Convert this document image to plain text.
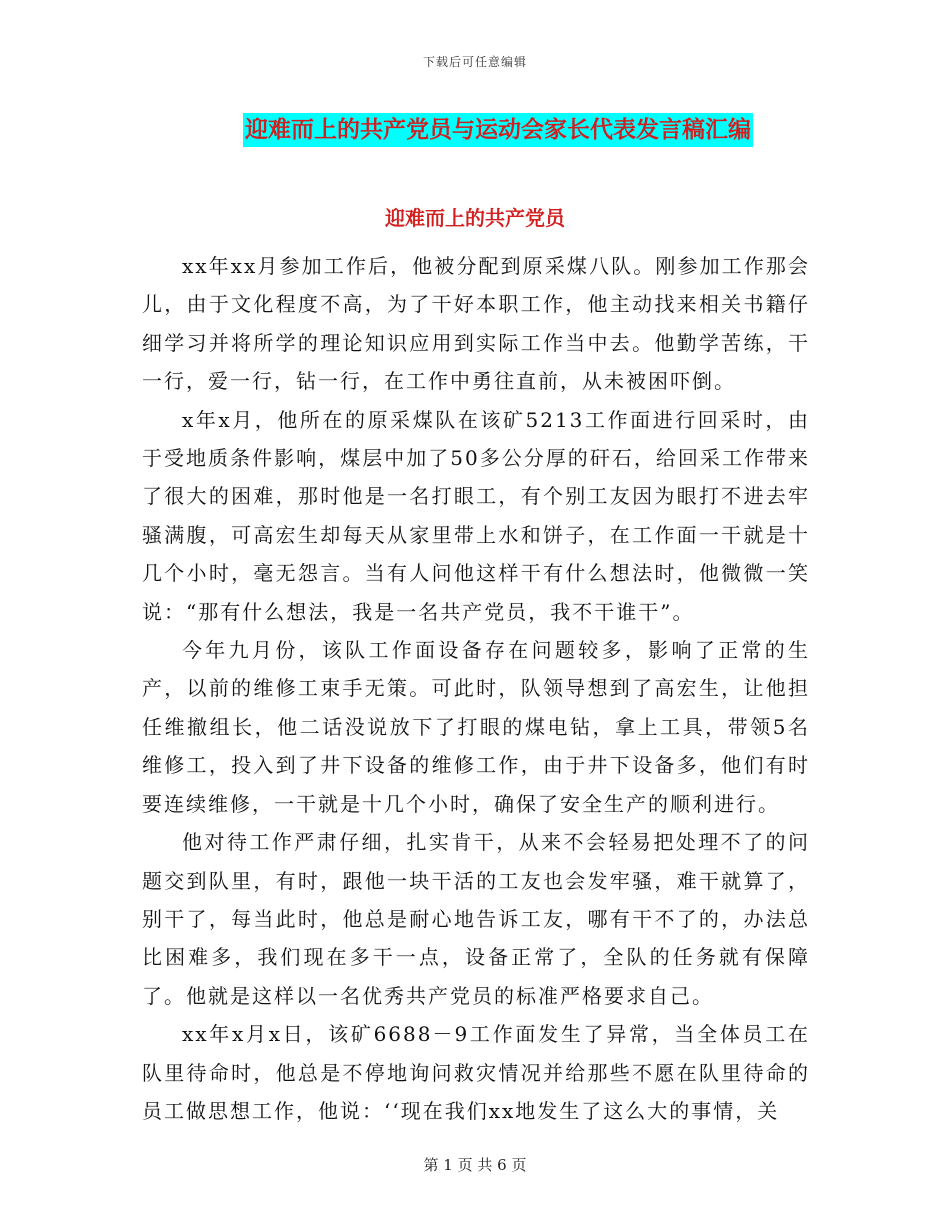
下载后可任意编辑
迎难而上的共产党员与运动会家长代表发言稿汇编
迎难而上的共产党员

xx年xx月参加工作后，他被分配到原采煤八队。刚参加工作那会儿，由于文化程度不高，为了干好本职工作，他主动找来相关书籍仔细学习并将所学的理论知识应用到实际工作当中去。他勤学苦练，干一行，爱一行，钻一行，在工作中勇往直前，从未被困吓倒。

x年x月，他所在的原采煤队在该矿5213工作面进行回采时，由于受地质条件影响，煤层中加了50多公分厚的矸石，给回采工作带来了很大的困难，那时他是一名打眼工，有个别工友因为眼打不进去牢骚满腹，可高宏生却每天从家里带上水和饼子，在工作面一干就是十几个小时，毫无怨言。当有人问他这样干有什么想法时，他微微一笑说：“那有什么想法，我是一名共产党员，我不干谁干”。

今年九月份，该队工作面设备存在问题较多，影响了正常的生产，以前的维修工束手无策。可此时，队领导想到了高宏生，让他担任维撤组长，他二话没说放下了打眼的煤电钻，拿上工具，带领5名维修工，投入到了井下设备的维修工作，由于井下设备多，他们有时要连续维修，一干就是十几个小时，确保了安全生产的顺利进行。

他对待工作严肃仔细，扎实肯干，从来不会轻易把处理不了的问题交到队里，有时，跟他一块干活的工友也会发牢骚，难干就算了，别干了，每当此时，他总是耐心地告诉工友，哪有干不了的，办法总比困难多，我们现在多干一点，设备正常了，全队的任务就有保障了。他就是这样以一名优秀共产党员的标准严格要求自己。

xx年x月x日，该矿6688－9工作面发生了异常，当全体员工在队里待命时，他总是不停地询问救灾情况并给那些不愿在队里待命的员工做思想工作，他说：‘‘现在我们xx地发生了这么大的事情，关

第 1 页 共 6 页
